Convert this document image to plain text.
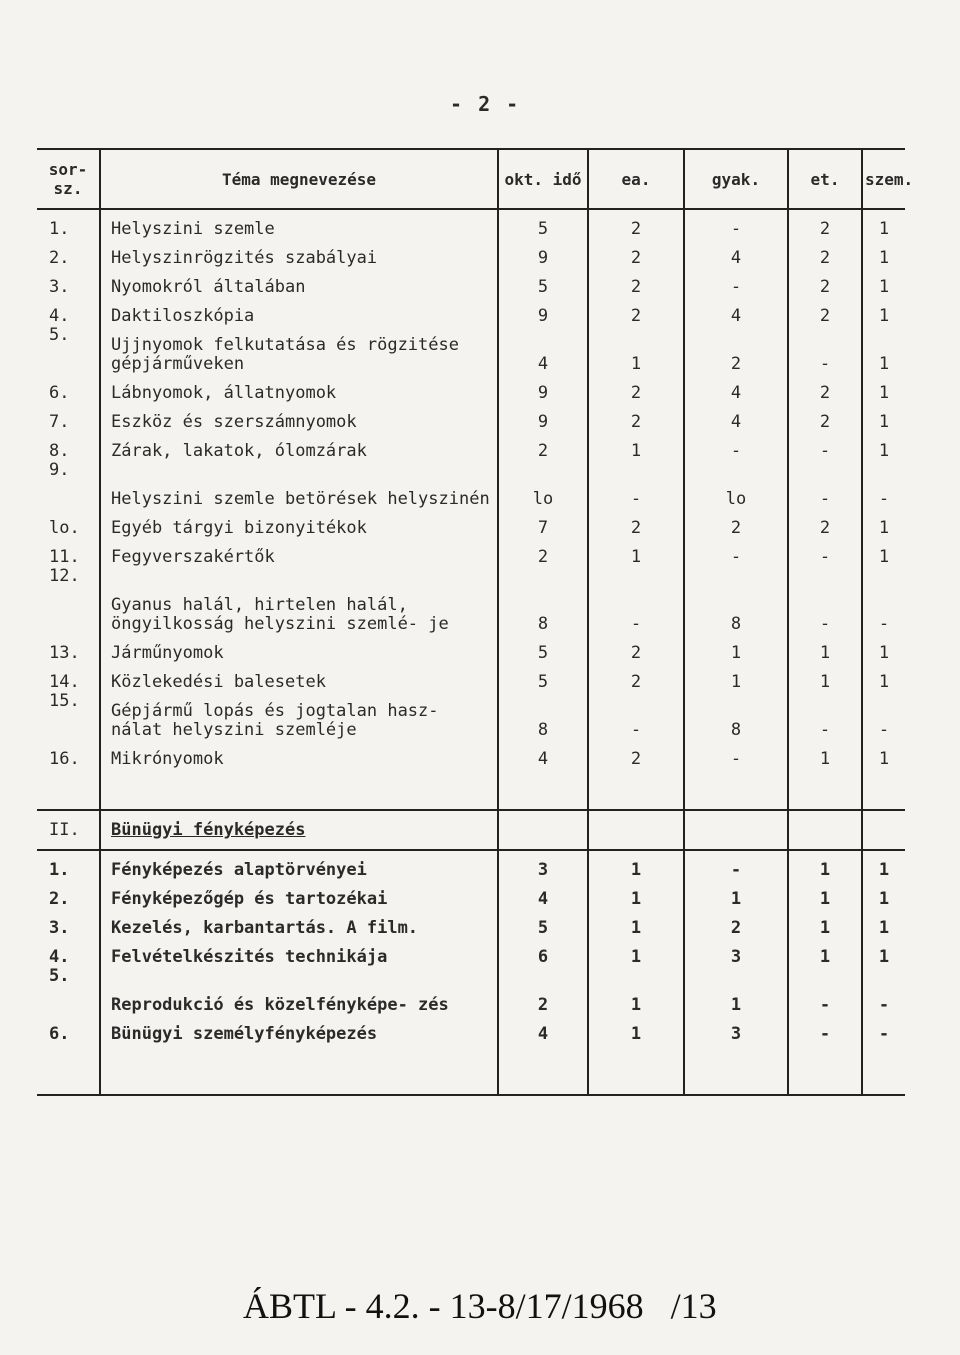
- 2 -
sor- sz.	Téma megnevezése	okt. idő	ea.	gyak.	et.	szem.
1.	Helyszini szemle	5	2	-	2	1
2.	Helyszinrögzités szabályai	9	2	4	2	1
3.	Nyomokról általában	5	2	-	2	1
4.	Daktiloszkópia	9	2	4	2	1
5.	Ujjnyomok felkutatása és rögzitése gépjárműveken	4	1	2	-	1
6.	Lábnyomok, állatnyomok	9	2	4	2	1
7.	Eszköz és szerszámnyomok	9	2	4	2	1
8.	Zárak, lakatok, ólomzárak	2	1	-	-	1
9.	Helyszini szemle betörések helyszinén	lo	-	lo	-	-
lo.	Egyéb tárgyi bizonyitékok	7	2	2	2	1
11.	Fegyverszakértők	2	1	-	-	1
12.	Gyanus halál, hirtelen halál, öngyilkosság helyszini szemlé- je	8	-	8	-	-
13.	Járműnyomok	5	2	1	1	1
14.	Közlekedési balesetek	5	2	1	1	1
15.	Gépjármű lopás és jogtalan hasz- nálat helyszini szemléje	8	-	8	-	-
16.	Mikrónyomok	4	2	-	1	1

II.	Bünügyi fényképezés					
1.	Fényképezés alaptörvényei	3	1	-	1	1
2.	Fényképezőgép és tartozékai	4	1	1	1	1
3.	Kezelés, karbantartás. A film.	5	1	2	1	1
4.	Felvételkészités technikája	6	1	3	1	1
5.	Reprodukció és közelfényképe- zés	2	1	1	-	-
6.	Bünügyi személyfényképezés	4	1	3	-	-

ÁBTL - 4.2. - 13-8/17/1968   /13
